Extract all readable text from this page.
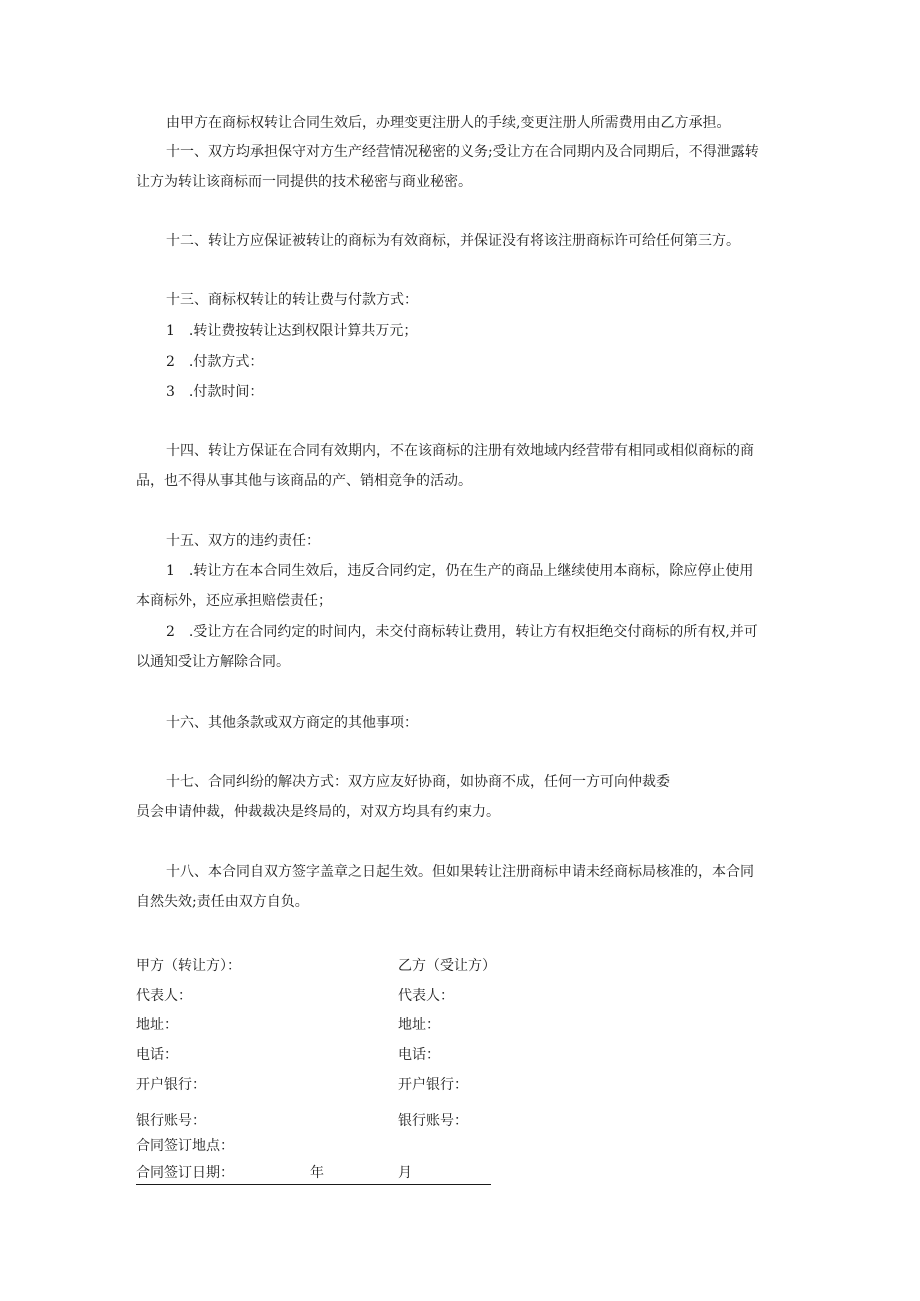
由甲方在商标权转让合同生效后，办理变更注册人的手续,变更注册人所需费用由乙方承担。
十一、双方均承担保守对方生产经营情况秘密的义务;受让方在合同期内及合同期后，不得泄露转
让方为转让该商标而一同提供的技术秘密与商业秘密。
十二、转让方应保证被转让的商标为有效商标，并保证没有将该注册商标许可给任何第三方。
十三、商标权转让的转让费与付款方式：
1　.转让费按转让达到权限计算共万元；
2　.付款方式：
3　.付款时间：
十四、转让方保证在合同有效期内，不在该商标的注册有效地域内经营带有相同或相似商标的商
品，也不得从事其他与该商品的产、销相竞争的活动。
十五、双方的违约责任：
1　.转让方在本合同生效后，违反合同约定，仍在生产的商品上继续使用本商标，除应停止使用
本商标外，还应承担赔偿责任；
2　.受让方在合同约定的时间内，未交付商标转让费用，转让方有权拒绝交付商标的所有权,并可
以通知受让方解除合同。
十六、其他条款或双方商定的其他事项：
十七、合同纠纷的解决方式：双方应友好协商，如协商不成，任何一方可向仲裁委
员会申请仲裁，仲裁裁决是终局的，对双方均具有约束力。
十八、本合同自双方签字盖章之日起生效。但如果转让注册商标申请未经商标局核准的，本合同
自然失效;责任由双方自负。
甲方（转让方）：	乙方（受让方）
代表人：	代表人：
地址：	地址：
电话：	电话：
开户银行：	开户银行：
银行账号：	银行账号：
合同签订地点：
合同签订日期：	年	月
